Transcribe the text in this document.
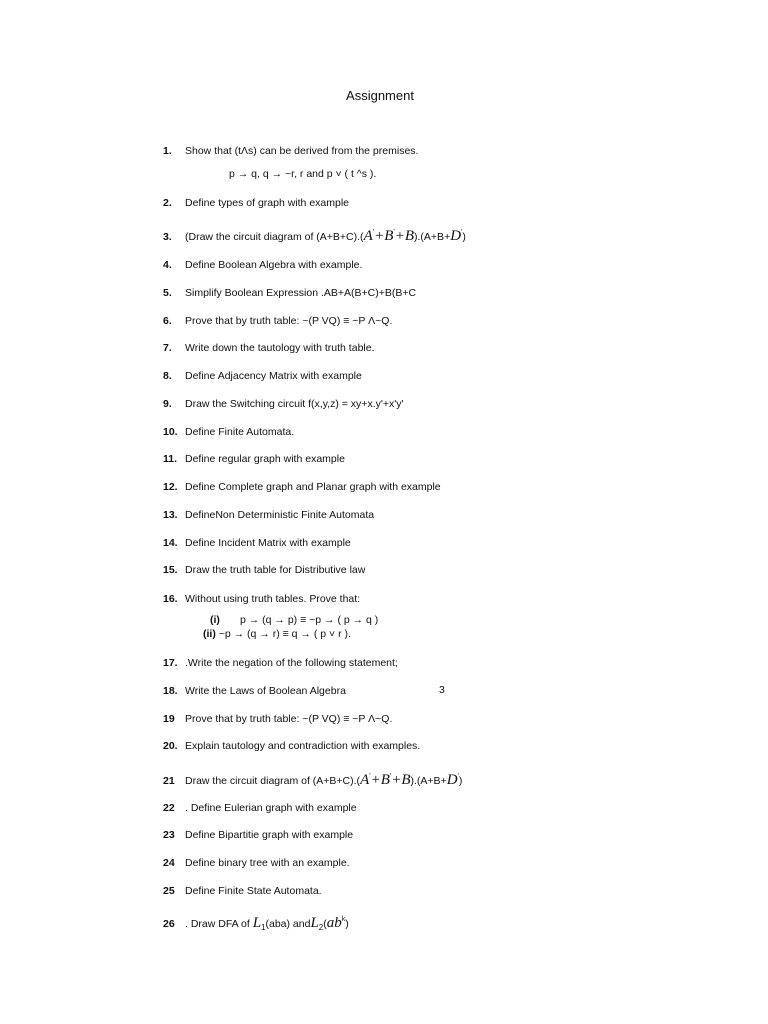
Assignment
1.Show that (tΛs) can be derived from the premises.
p → q, q → ~r, r and p ˅ ( t ^s ).
2. Define types of graph with example
3. (Draw the circuit diagram of (A+B+C).(A'+B'+B).(A+B+D')
4. Define Boolean Algebra with example.
5.Simplify Boolean Expression .AB+A(B+C)+B(B+C
6. Prove that by truth table: ~(P VQ) ≡ ~P Λ~Q.
7. Write down the tautology with truth table.
8. Define Adjacency Matrix with example
9. Draw the Switching circuit f(x,y,z) = xy+x.y'+x'y'
10. Define Finite Automata.
11. Define regular graph with example
12. Define Complete graph and Planar graph with example
13. DefineNon Deterministic Finite Automata
14. Define Incident Matrix with example
15. Draw the truth table for Distributive law
16. Without using truth tables. Prove that:
(i) p → (q → p) ≡ ~p → ( p → q )
(ii) ~p → (q → r) ≡ q → ( p ˅ r ).
17. .Write the negation of the following statement;
18.Write the Laws of Boolean Algebra	3
19 Prove that by truth table: ~(P VQ) ≡ ~P Λ~Q.
20. Explain tautology and contradiction with examples.
21 Draw the circuit diagram of (A+B+C).(A'+B'+B).(A+B+D')
22 . Define Eulerian graph with example
23 Define Bipartitie graph with example
24 Define binary tree with an example.
25 Define Finite State Automata.
26 . Draw DFA of $L_1(aba)$ $andL_2(ab^k)$
